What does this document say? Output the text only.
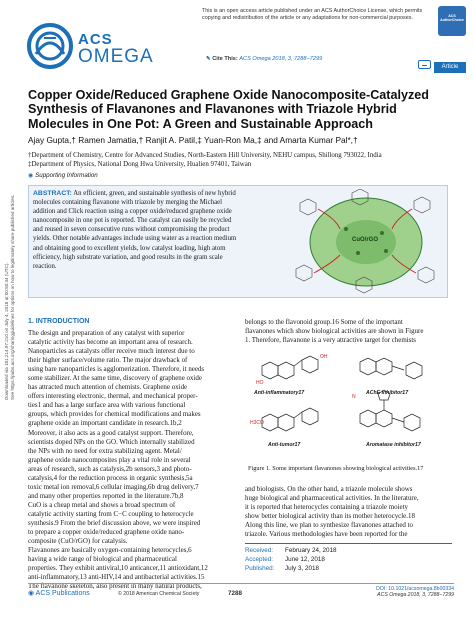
Downloaded via 181.214.97.210 on July 4, 2018 at 00:50:44 (UTC). See https://pubs.acs.org/sharingguidelines for options on how to legitimately share published articles.
This is an open access article published under an ACS AuthorChoice License, which permits
copying and redistribution of the article or any adaptations for non-commercial purposes.	ACS AuthorChoice
ACS
OMEGA	✎ Cite This: ACS Omega 2018, 3, 7288−7299
Article
Copper Oxide/Reduced Graphene Oxide Nanocomposite-Catalyzed
Synthesis of Flavanones and Flavanones with Triazole Hybrid
Molecules in One Pot: A Green and Sustainable Approach
Ajay Gupta,† Ramen Jamatia,† Ranjit A. Patil,‡ Yuan-Ron Ma,‡ and Amarta Kumar Pal*,†
†Department of Chemistry, Centre for Advanced Studies, North-Eastern Hill University, NEHU campus, Shillong 793022, India
‡Department of Physics, National Dong Hwa University, Hualien 97401, Taiwan
◉ Supporting Information
ABSTRACT: An efficient, green, and sustainable synthesis of new hybrid
molecules containing flavanone with triazole by merging the Michael
addition and Click reaction using a copper oxide/reduced graphene oxide
nanocomposite in one pot is reported. The catalyst can easily be recycled
and reused in seven consecutive runs without compromising the product
yields. Other notable advantages include using water as a reaction medium
and obtaining good to excellent yields, low catalyst loading, high atom
efficiency, high substrate variation, and good results in the gram scale
reaction.
CuO/rGO
1. INTRODUCTION
The design and preparation of any catalyst with superior
catalytic activity has become an important area of research.
Nanoparticles as catalysts offer receive much interest due to
their higher surface/volume ratio. The major drawback of
using bare nanoparticles is agglomerization. Therefore, it needs
some stabilizer. At the same time, discovery of graphene oxide
has attracted much attention of chemists. Graphene oxide
offers interesting electronic, thermal, and mechanical proper-
ties1 and has a large surface area with various functional
groups, which provides for chemical modifications and makes
graphene oxide an important candidate in research.1b,2
Moreover, it also acts as a good catalyst support. Therefore,
scientists doped NPs on the GO. Which internally stabilized
the NPs with no need for extra stabilizing agent. Metal/
graphene oxide nanocomposites play a vital role in several
areas of research, such as catalysis,2b sensors,3 and photo-
catalysis,4 for the reduction process in organic synthesis,5a
toxic metal ion removal,6 cellular imaging,6b drug delivery,7
and many other properties reported in the literature.7b,8
CuO is a cheap metal and shows a broad spectrum of
catalytic activity starting from C−C coupling to heterocycle
synthesis.9 From the brief discussion above, we were inspired
to prepare a copper oxide/reduced graphene oxide nano-
composite (CuO/rGO) for catalysis.
Flavanones are basically oxygen-containing heterocycles,6
having a wide range of biological and pharmaceutical
properties. They exhibit antiviral,10 anticancer,11 antioxidant,12
anti-inflammatory,13 anti-HIV,14 and antibacterial activities.15
The flavanone skeleton, also present in many natural products,
belongs to the flavonoid group.16 Some of the important
flavanones which show biological activities are shown in Figure
1. Therefore, flavanone is a very attractive target for chemists
OH
HO
H3CO
N
Anti-inflammatory17	AChE inhibitor17
Anti-tumor17	Aromatase inhibitor17
Figure 1. Some important flavanones showing biological activities.17
and biologists. On the other hand, a triazole molecule shows
huge biological and pharmaceutical activities. In the literature,
it is reported that heterocycles containing a triazole moiety
show better biological activity than its mother heterocycle.18
Along this line, we plan to synthesize flavanones attached to
triazole. Various methodologies have been reported for the
Received: February 24, 2018
Accepted: June 12, 2018
Published: July 3, 2018
◉ ACS Publications	© 2018 American Chemical Society	7288
DOI: 10.1021/acsomega.8b00334
ACS Omega 2018, 3, 7288−7299
